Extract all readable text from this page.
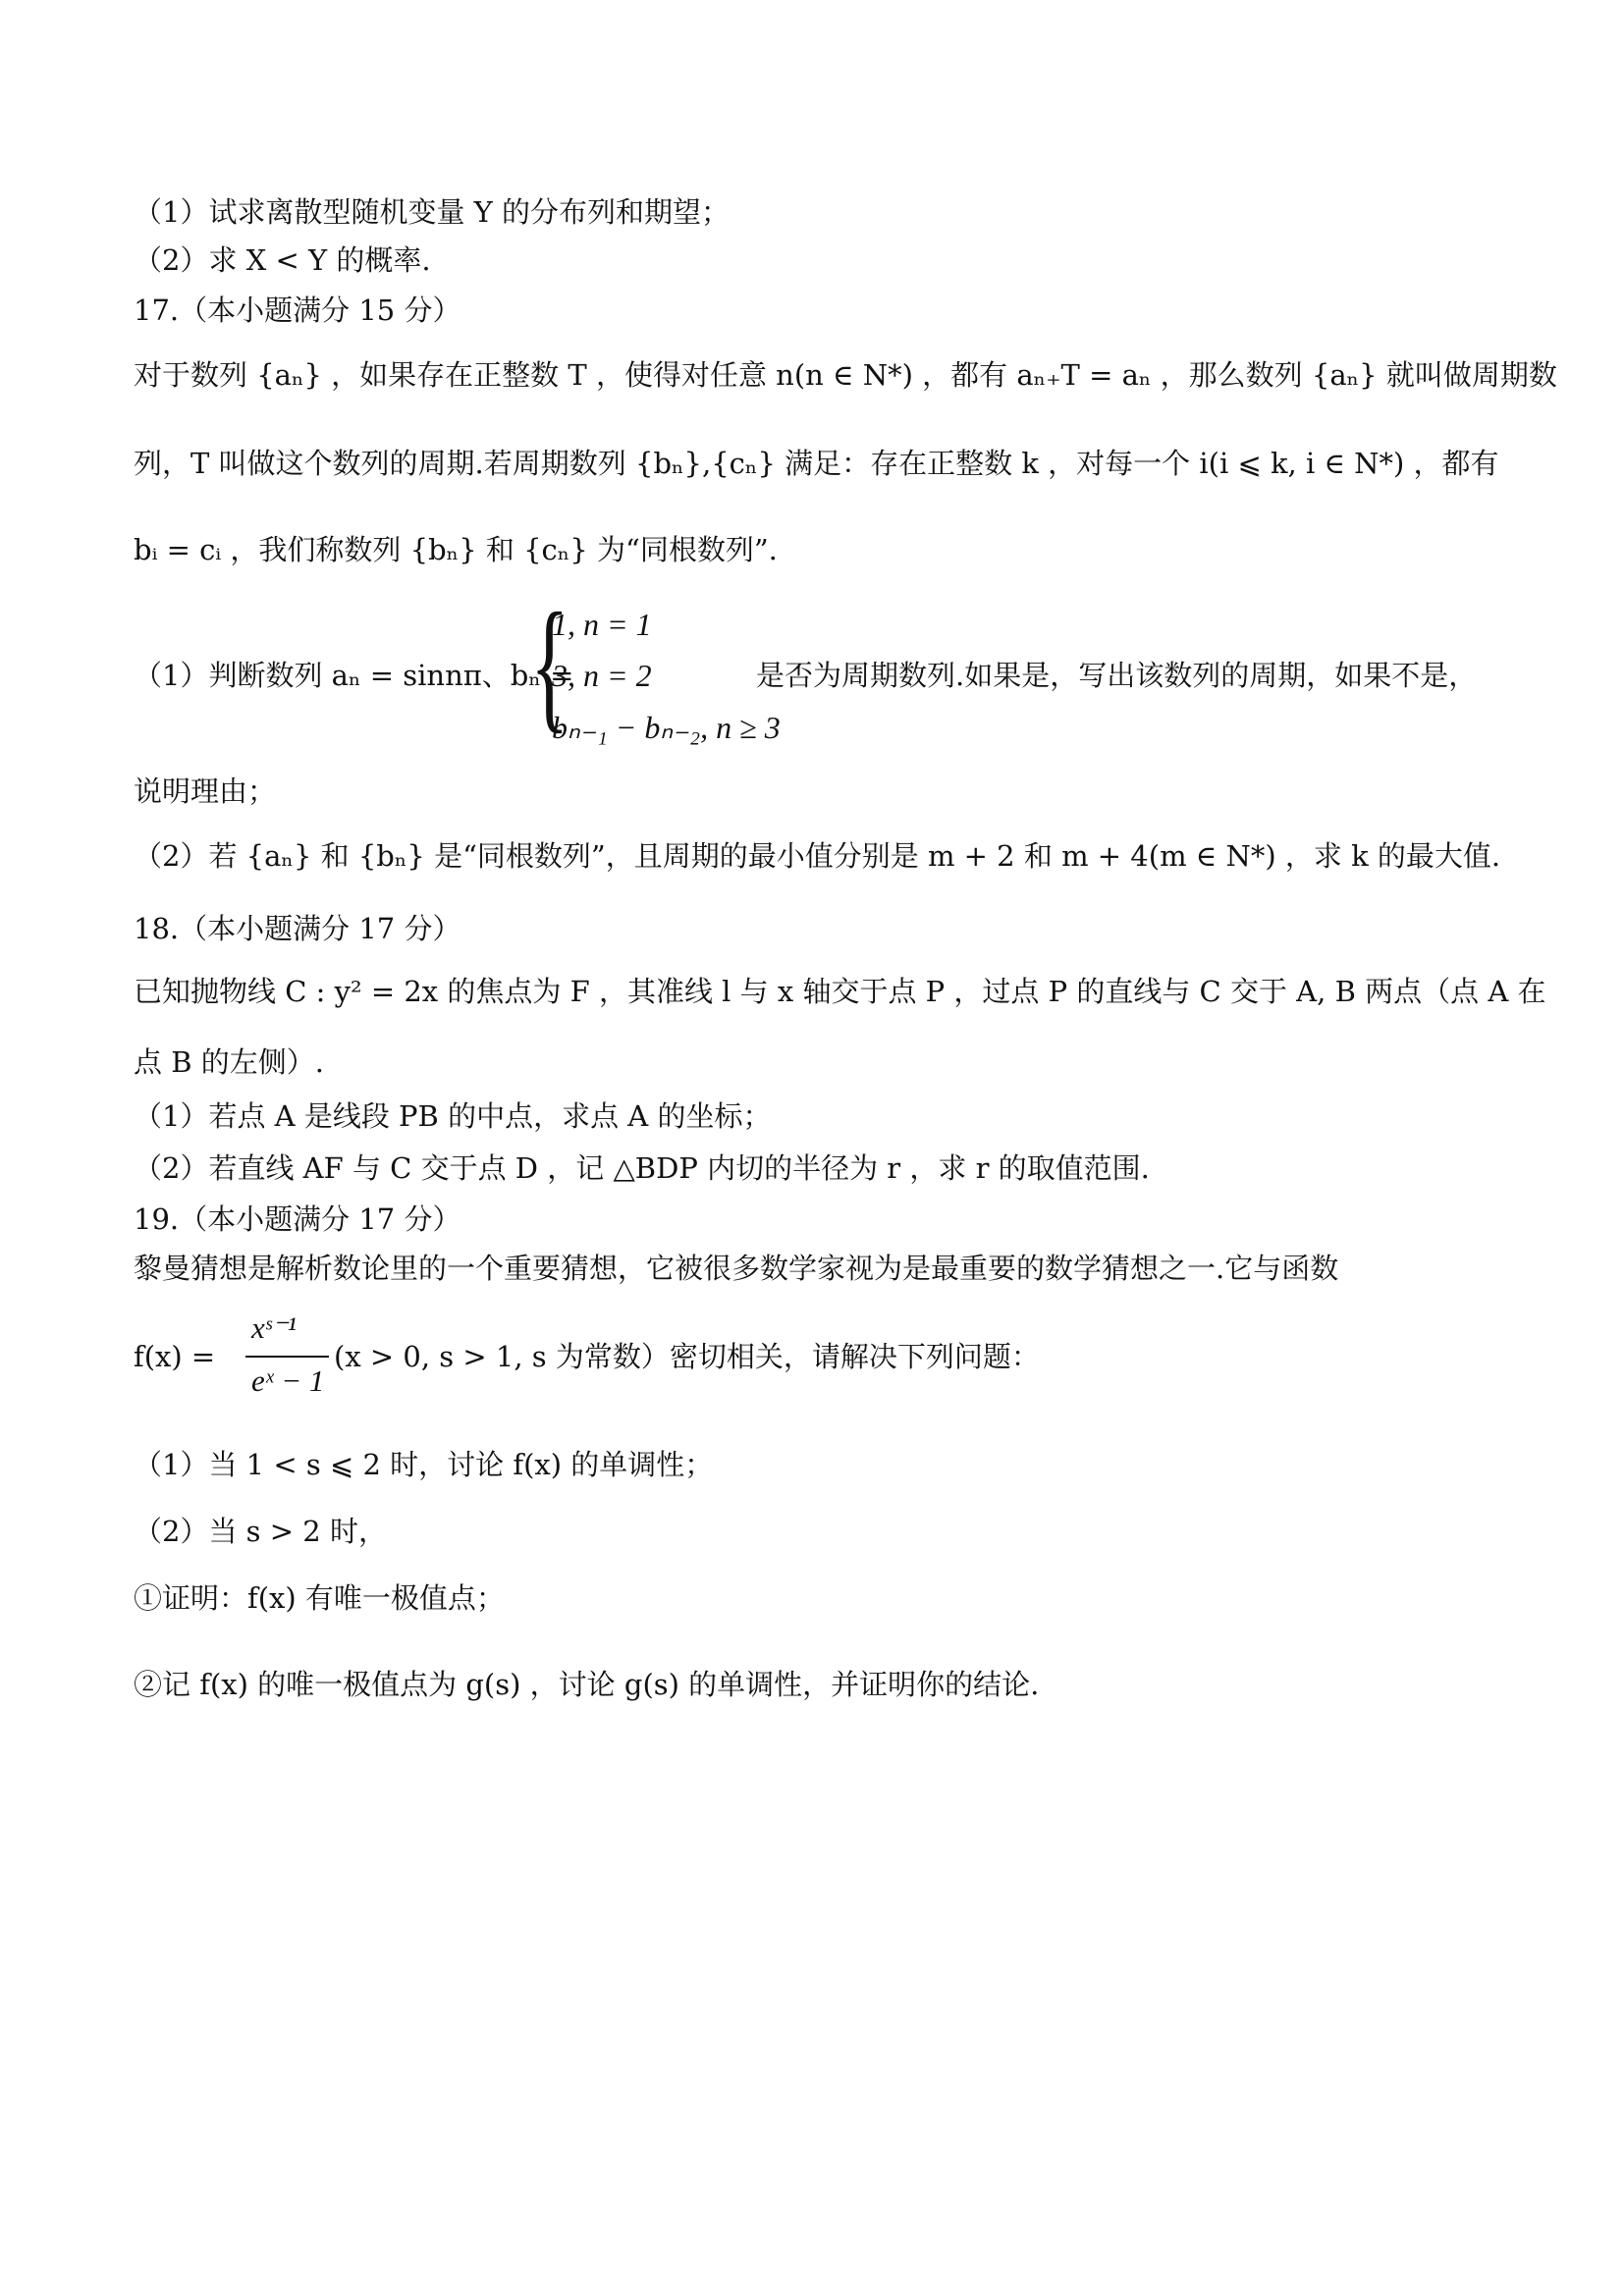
（1）试求离散型随机变量 Y 的分布列和期望；
（2）求 X < Y 的概率.
17.（本小题满分 15 分）
对于数列 {aₙ} ，如果存在正整数 T ，使得对任意 n(n ∈ N*) ，都有 aₙ₊T = aₙ ，那么数列 {aₙ} 就叫做周期数
列，T 叫做这个数列的周期.若周期数列 {bₙ},{cₙ} 满足：存在正整数 k ，对每一个 i(i ⩽ k, i ∈ N*) ，都有
bᵢ = cᵢ ，我们称数列 {bₙ} 和 {cₙ} 为“同根数列”.
（1）判断数列 aₙ = sinnπ、bₙ =
{
1, n = 1
3, n = 2
bₙ₋₁ − bₙ₋₂, n ≥ 3
是否为周期数列.如果是，写出该数列的周期，如果不是，
说明理由；
（2）若 {aₙ} 和 {bₙ} 是“同根数列”，且周期的最小值分别是 m + 2 和 m + 4(m ∈ N*) ，求 k 的最大值.
18.（本小题满分 17 分）
已知抛物线 C : y² = 2x 的焦点为 F ，其准线 l 与 x 轴交于点 P ，过点 P 的直线与 C 交于 A, B 两点（点 A 在
点 B 的左侧）.
（1）若点 A 是线段 PB 的中点，求点 A 的坐标；
（2）若直线 AF 与 C 交于点 D ，记 △BDP 内切的半径为 r ，求 r 的取值范围.
19.（本小题满分 17 分）
黎曼猜想是解析数论里的一个重要猜想，它被很多数学家视为是最重要的数学猜想之一.它与函数
f(x) =
xˢ⁻¹
eˣ − 1
(x > 0, s > 1, s 为常数）密切相关，请解决下列问题：
（1）当 1 < s ⩽ 2 时，讨论 f(x) 的单调性；
（2）当 s > 2 时，
①证明：f(x) 有唯一极值点；
②记 f(x) 的唯一极值点为 g(s) ，讨论 g(s) 的单调性，并证明你的结论.
